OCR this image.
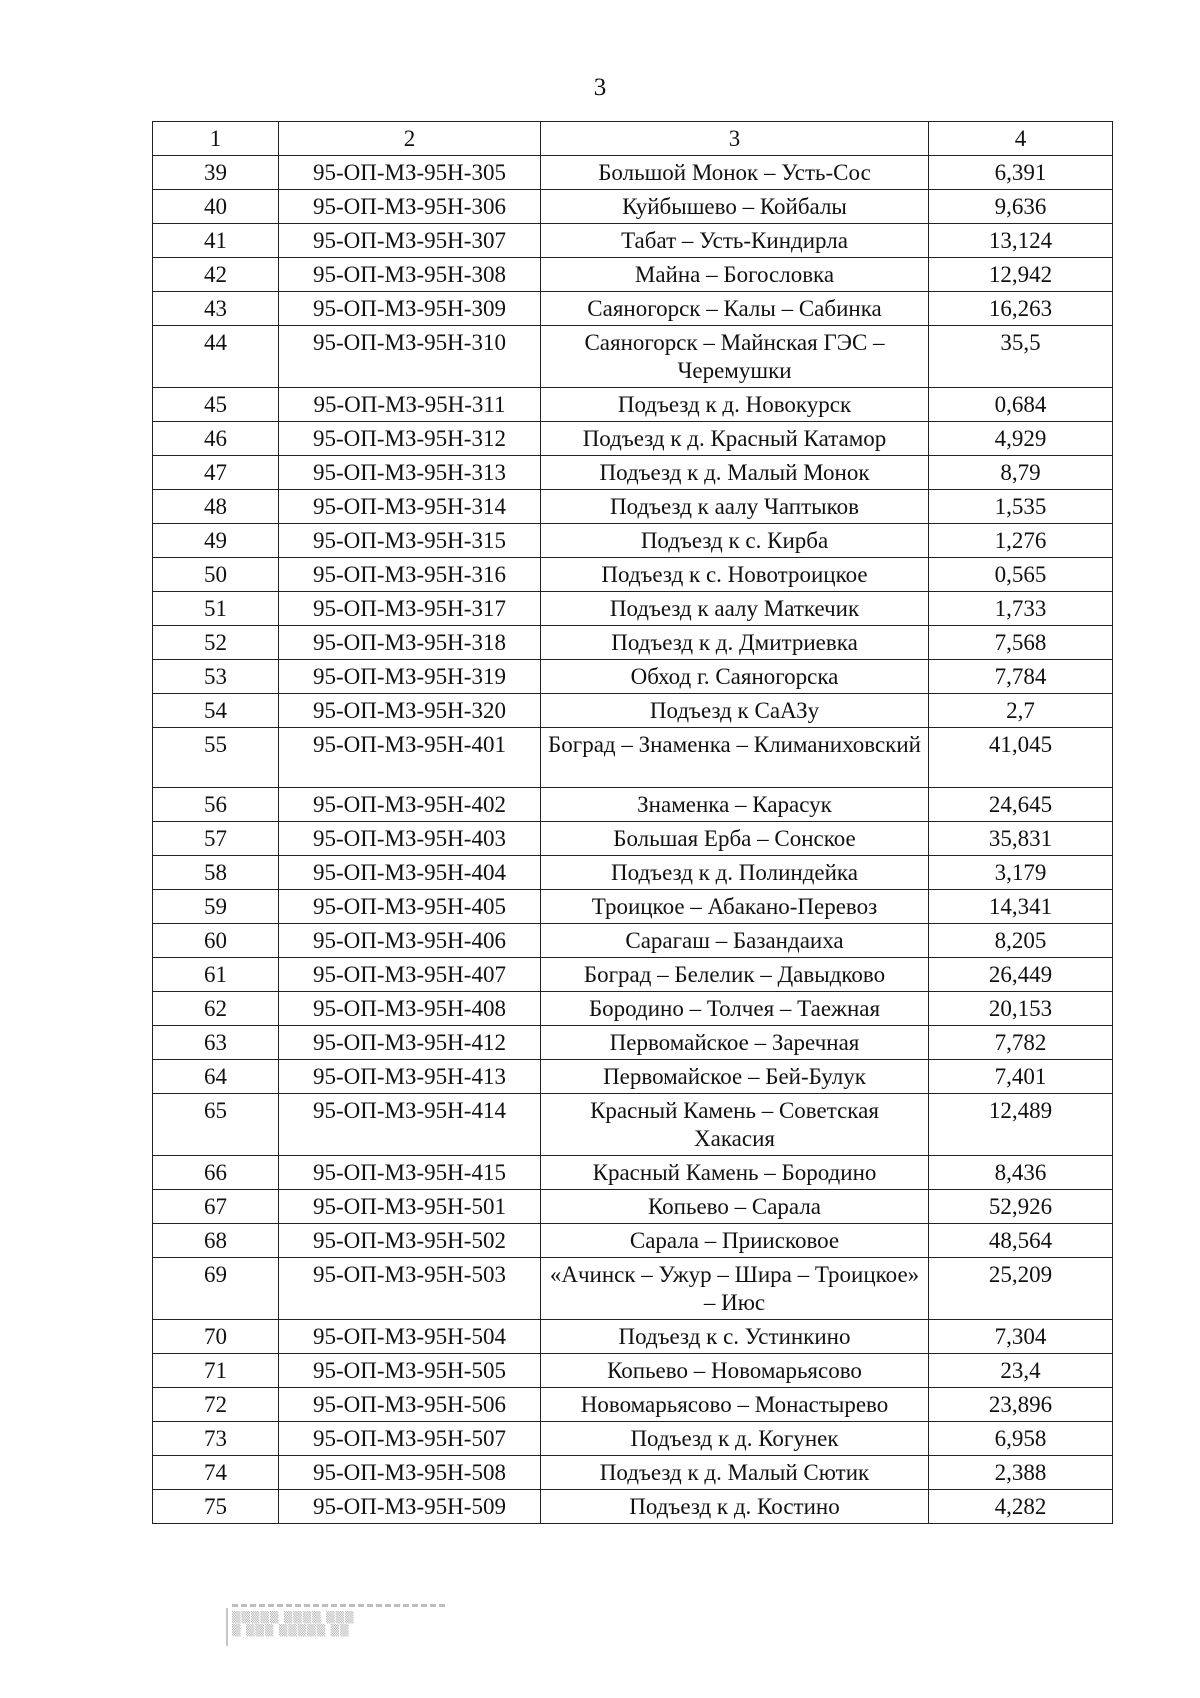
3
1	2	3	4
39	95-ОП-МЗ-95Н-305	Большой Монок – Усть-Сос	6,391
40	95-ОП-МЗ-95Н-306	Куйбышево – Койбалы	9,636
41	95-ОП-МЗ-95Н-307	Табат – Усть-Киндирла	13,124
42	95-ОП-МЗ-95Н-308	Майна – Богословка	12,942
43	95-ОП-МЗ-95Н-309	Саяногорск – Калы – Сабинка	16,263
44	95-ОП-МЗ-95Н-310	Саяногорск – Майнская ГЭС – Черемушки	35,5
45	95-ОП-МЗ-95Н-311	Подъезд к д. Новокурск	0,684
46	95-ОП-МЗ-95Н-312	Подъезд к д. Красный Катамор	4,929
47	95-ОП-МЗ-95Н-313	Подъезд к д. Малый Монок	8,79
48	95-ОП-МЗ-95Н-314	Подъезд к аалу Чаптыков	1,535
49	95-ОП-МЗ-95Н-315	Подъезд к с. Кирба	1,276
50	95-ОП-МЗ-95Н-316	Подъезд к с. Новотроицкое	0,565
51	95-ОП-МЗ-95Н-317	Подъезд к аалу Маткечик	1,733
52	95-ОП-МЗ-95Н-318	Подъезд к д. Дмитриевка	7,568
53	95-ОП-МЗ-95Н-319	Обход г. Саяногорска	7,784
54	95-ОП-МЗ-95Н-320	Подъезд к СаАЗу	2,7
55	95-ОП-МЗ-95Н-401	Боград – Знаменка – Климаниховский	41,045
56	95-ОП-МЗ-95Н-402	Знаменка – Карасук	24,645
57	95-ОП-МЗ-95Н-403	Большая Ерба – Сонское	35,831
58	95-ОП-МЗ-95Н-404	Подъезд к д. Полиндейка	3,179
59	95-ОП-МЗ-95Н-405	Троицкое – Абакано-Перевоз	14,341
60	95-ОП-МЗ-95Н-406	Сарагаш – Базандаиха	8,205
61	95-ОП-МЗ-95Н-407	Боград – Белелик – Давыдково	26,449
62	95-ОП-МЗ-95Н-408	Бородино – Толчея – Таежная	20,153
63	95-ОП-МЗ-95Н-412	Первомайское – Заречная	7,782
64	95-ОП-МЗ-95Н-413	Первомайское – Бей-Булук	7,401
65	95-ОП-МЗ-95Н-414	Красный Камень – Советская Хакасия	12,489
66	95-ОП-МЗ-95Н-415	Красный Камень – Бородино	8,436
67	95-ОП-МЗ-95Н-501	Копьево – Сарала	52,926
68	95-ОП-МЗ-95Н-502	Сарала – Приисковое	48,564
69	95-ОП-МЗ-95Н-503	«Ачинск – Ужур – Шира – Троицкое» – Июс	25,209
70	95-ОП-МЗ-95Н-504	Подъезд к с. Устинкино	7,304
71	95-ОП-МЗ-95Н-505	Копьево – Новомарьясово	23,4
72	95-ОП-МЗ-95Н-506	Новомарьясово – Монастырево	23,896
73	95-ОП-МЗ-95Н-507	Подъезд к д. Когунек	6,958
74	95-ОП-МЗ-95Н-508	Подъезд к д. Малый Сютик	2,388
75	95-ОП-МЗ-95Н-509	Подъезд к д. Костино	4,282
▒▒▒▒▒ ▒▒▒▒ ▒▒▒
▒ ▒▒▒ ▒▒▒▒▒ ▒▒
